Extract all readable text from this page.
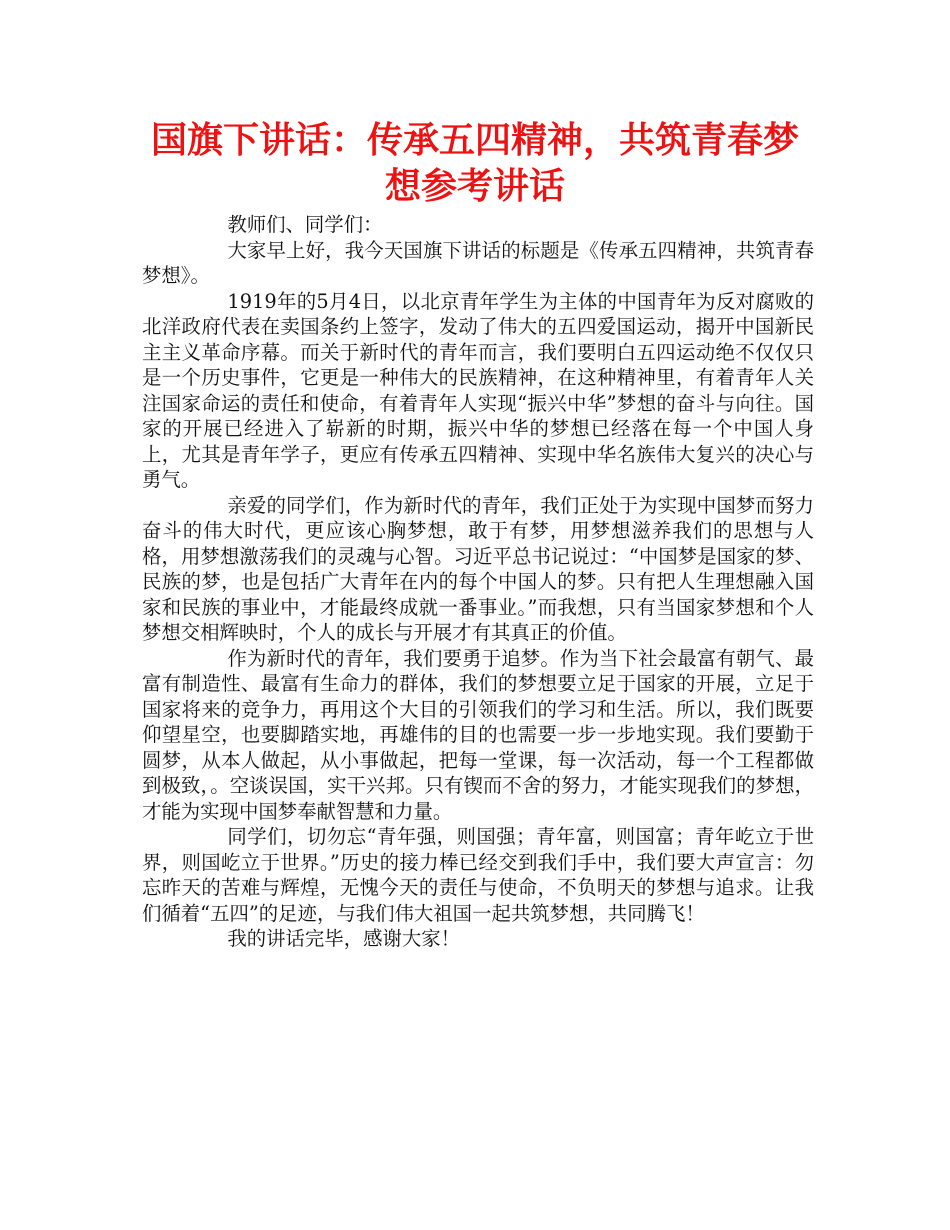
国旗下讲话：传承五四精神，共筑青春梦想参考讲话

教师们、同学们：

大家早上好，我今天国旗下讲话的标题是《传承五四精神，共筑青春梦想》。

1919年的5月4日，以北京青年学生为主体的中国青年为反对腐败的北洋政府代表在卖国条约上签字，发动了伟大的五四爱国运动，揭开中国新民主主义革命序幕。而关于新时代的青年而言，我们要明白五四运动绝不仅仅只是一个历史事件，它更是一种伟大的民族精神，在这种精神里，有着青年人关注国家命运的责任和使命，有着青年人实现“振兴中华”梦想的奋斗与向往。国家的开展已经进入了崭新的时期，振兴中华的梦想已经落在每一个中国人身上，尤其是青年学子，更应有传承五四精神、实现中华名族伟大复兴的决心与勇气。

亲爱的同学们，作为新时代的青年，我们正处于为实现中国梦而努力奋斗的伟大时代，更应该心胸梦想，敢于有梦，用梦想滋养我们的思想与人格，用梦想激荡我们的灵魂与心智。习近平总书记说过：“中国梦是国家的梦、民族的梦，也是包括广大青年在内的每个中国人的梦。只有把人生理想融入国家和民族的事业中，才能最终成就一番事业。”而我想，只有当国家梦想和个人梦想交相辉映时，个人的成长与开展才有其真正的价值。

作为新时代的青年，我们要勇于追梦。作为当下社会最富有朝气、最富有制造性、最富有生命力的群体，我们的梦想要立足于国家的开展，立足于国家将来的竞争力，再用这个大目的引领我们的学习和生活。所以，我们既要仰望星空，也要脚踏实地，再雄伟的目的也需要一步一步地实现。我们要勤于圆梦，从本人做起，从小事做起，把每一堂课，每一次活动，每一个工程都做到极致，。空谈误国，实干兴邦。只有锲而不舍的努力，才能实现我们的梦想，才能为实现中国梦奉献智慧和力量。

同学们，切勿忘“青年强，则国强；青年富，则国富；青年屹立于世界，则国屹立于世界。”历史的接力棒已经交到我们手中，我们要大声宣言：勿忘昨天的苦难与辉煌，无愧今天的责任与使命，不负明天的梦想与追求。让我们循着“五四”的足迹，与我们伟大祖国一起共筑梦想，共同腾飞！

我的讲话完毕，感谢大家！
